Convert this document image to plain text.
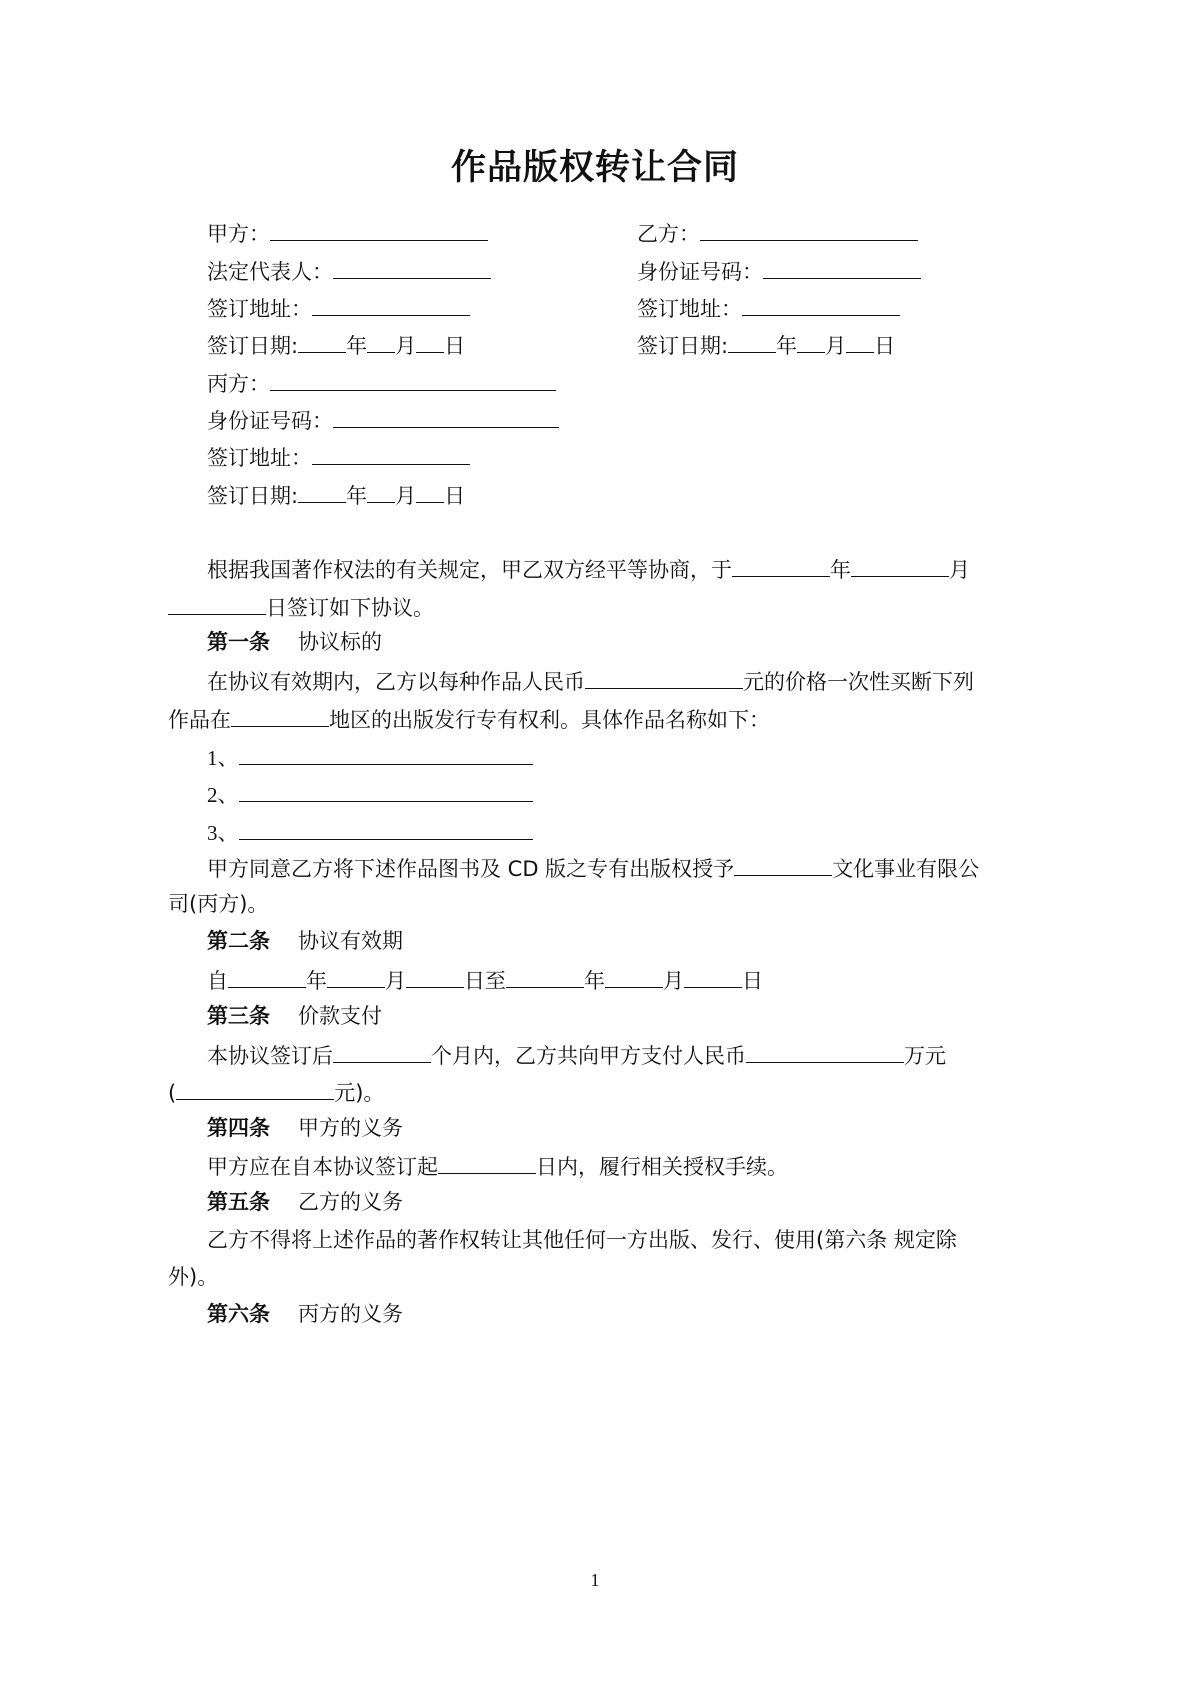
作品版权转让合同
甲方：	乙方：
法定代表人：	身份证号码：
签订地址：	签订地址：
签订日期: 年 月 日	签订日期: 年 月 日
丙方：
身份证号码：
签订地址：
签订日期: 年 月 日
根据我国著作权法的有关规定，甲乙双方经平等协商，于	年	月
日签订如下协议。
第一条 协议标的
在协议有效期内，乙方以每种作品人民币	元的价格一次性买断下列
作品在	地区的出版发行专有权利。具体作品名称如下：
1、
2、
3、
甲方同意乙方将下述作品图书及 CD 版之专有出版权授予	文化事业有限公
司(丙方)。
第二条 协议有效期
自	年	月	日至	年	月	日
第三条 价款支付
本协议签订后	个月内，乙方共向甲方支付人民币	万元
(	元)。
第四条 甲方的义务
甲方应在自本协议签订起	日内，履行相关授权手续。
第五条 乙方的义务
乙方不得将上述作品的著作权转让其他任何一方出版、发行、使用(第六条 规定除
外)。
第六条 丙方的义务
1
